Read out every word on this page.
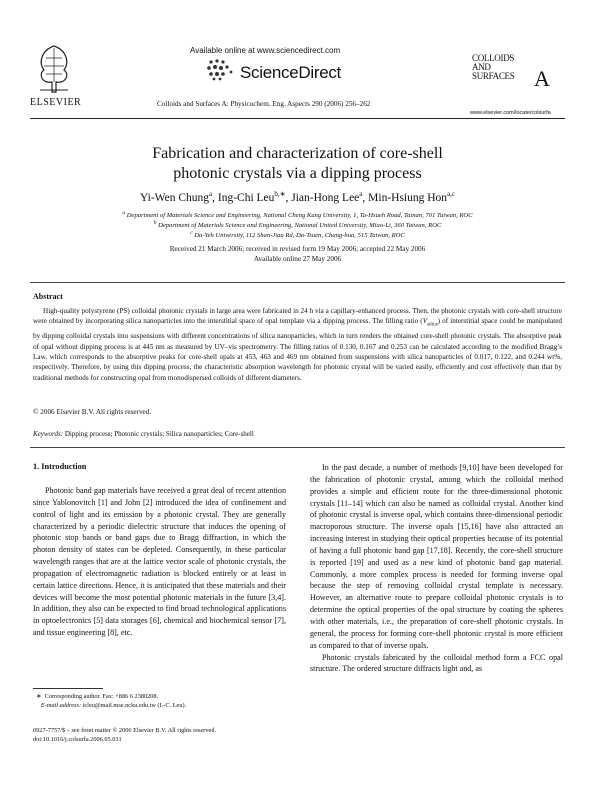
ELSEVIER
Available online at www.sciencedirect.com
ScienceDirect
Colloids and Surfaces A: Physicochem. Eng. Aspects 290 (2006) 256–262
COLLOIDS
AND
SURFACES A
www.elsevier.com/locate/colsurfa
Fabrication and characterization of core-shell
photonic crystals via a dipping process
Yi-Wen Chung$^a$, Ing-Chi Leu$^{b,∗}$, Jian-Hong Lee$^a$, Min-Hsiung Hon$^{a,c}$
$^a$ Department of Materials Science and Engineering, National Cheng Kung University, 1, Ta-Hsueh Road, Tainan, 701 Taiwan, ROC
$^b$ Department of Materials Science and Engineering, National United University, Miao-Li, 360 Taiwan, ROC
$^c$ Da-Yeh University, 112 Shan-Jiau Rd, Da-Tsuen, Chang-hua, 515 Taiwan, ROC
Received 21 March 2006; received in revised form 19 May 2006; accepted 22 May 2006
Available online 27 May 2006
Abstract

High-quality polystyrene (PS) colloidal photonic crystals in large area were fabricated in 24 h via a capillary-enhanced process. Then, the photonic crystals with core-shell structure were obtained by incorporating silica nanoparticles into the interstitial space of opal template via a dipping process. The filling ratio $(V_{silica})$ of interstitial space could be manipulated by dipping colloidal crystals into suspensions with different concentrations of silica nanoparticles, which in turn renders the obtained core-shell photonic crystals. The absorptive peak of opal without dipping process is at 445 nm as measured by UV–vis spectrometry. The filling ratios of 0.130, 0.167 and 0.253 can be calculated according to the modified Bragg’s Law, which corresponds to the absorptive peaks for core-shell opals at 453, 463 and 469 nm obtained from suspensions with silica nanoparticles of 0.017, 0.122, and 0.244 wt%, respectively. Therefore, by using this dipping process, the characteristic absorption wavelength for photonic crystal will be varied easily, efficiently and cost effectively than that by traditional methods for constructing opal from monodispersed colloids of different diameters.

© 2006 Elsevier B.V. All rights reserved.
Keywords: Dipping process; Photonic crystals; Silica nanoparticles; Core-shell
1. Introduction

Photonic band gap materials have received a great deal of recent attention since Yablonovitch [1] and John [2] introduced the idea of confinement and control of light and its emission by a photonic crystal. They are generally characterized by a periodic dielectric structure that induces the opening of photonic stop bands or band gaps due to Bragg diffraction, in which the photon density of states can be depleted. Consequently, in these particular wavelength ranges that are at the lattice vector scale of photonic crystals, the propagation of electromagnetic radiation is blocked entirely or at least in certain lattice directions. Hence, it is anticipated that these materials and their devices will become the most potential photonic materials in the future [3,4]. In addition, they also can be expected to find broad technological applications in optoelectronics [5] data storages [6], chemical and biochemical sensor [7], and tissue engineering [8], etc.

In the past decade, a number of methods [9,10] have been developed for the fabrication of photonic crystal, among which the colloidal method provides a simple and efficient route for the three-dimensional photonic crystals [11–14] which can also be named as colloidal crystal. Another kind of photonic crystal is inverse opal, which contains three-dimensional periodic macroporous structure. The inverse opals [15,16] have also attracted an increasing interest in studying their optical properties because of its potential of having a full photonic band gap [17,18]. Recently, the core-shell structure is reported [19] and used as a new kind of photonic band gap material. Commonly, a more complex process is needed for forming inverse opal because the step of removing colloidal crystal template is necessary. However, an alternative route to prepare colloidal photonic crystals is to determine the optical properties of the opal structure by coating the spheres with other materials, i.e., the preparation of core-shell photonic crystals. In general, the process for forming core-shell photonic crystal is more efficient as compared to that of inverse opals.

Photonic crystals fabricated by the colloidal method form a FCC opal structure. The ordered structure diffracts light and, as

∗ Corresponding author. Fax: +886 6 2380208.
E-mail address: icleu@mail.mse.ncku.edu.tw (I.-C. Leu).
0927-7757/$ – see front matter © 2006 Elsevier B.V. All rights reserved.
doi:10.1016/j.colsurfa.2006.05.031
